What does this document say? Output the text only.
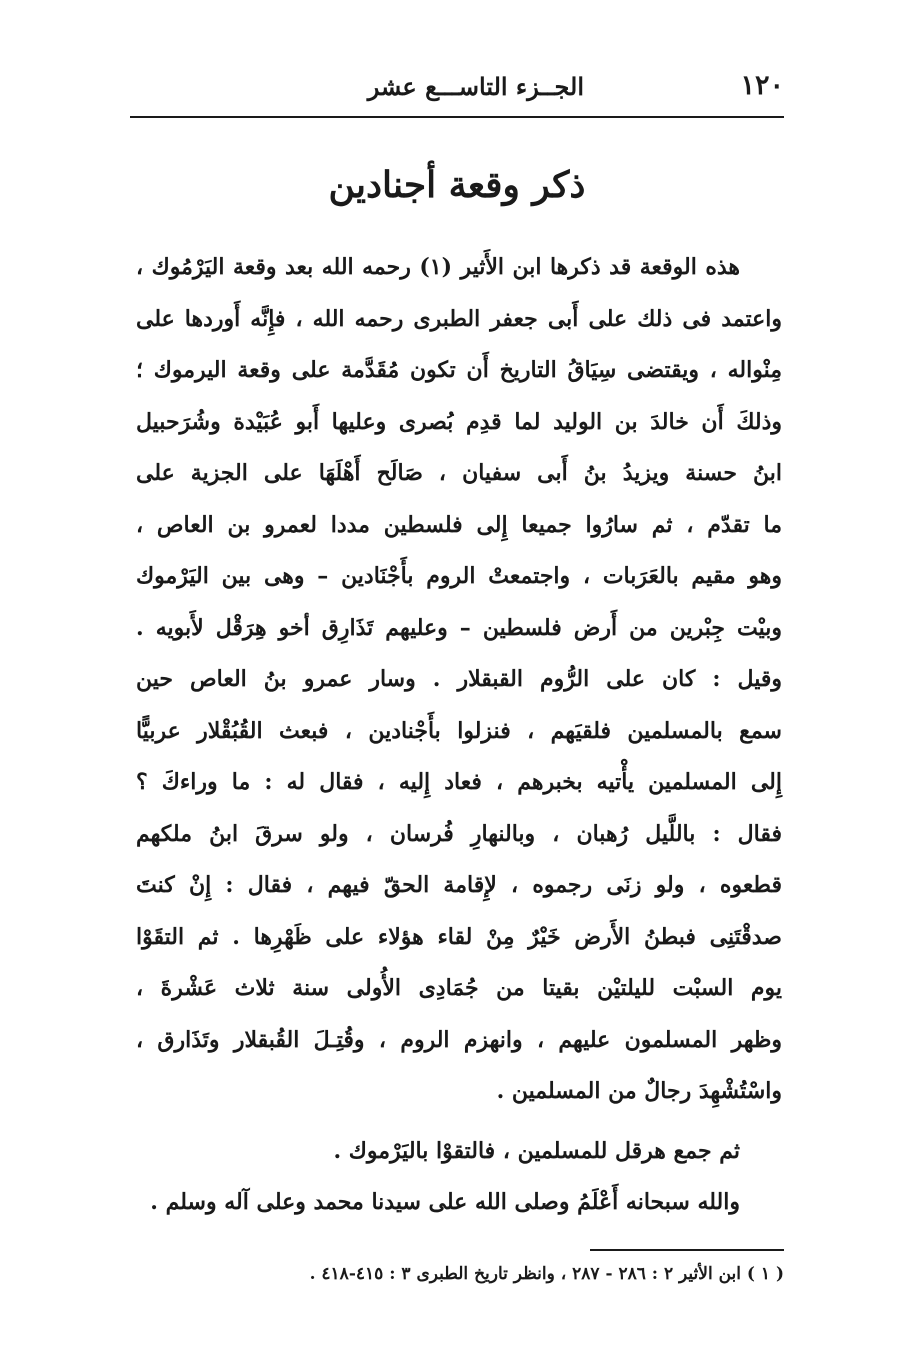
١٢٠
الجــزء التاســـع عشر
ذكر وقعة أجنادين
هذه الوقعة قد ذكرها ابن الأَثير (١) رحمه الله بعد وقعة اليَرْمُوك ،
واعتمد فى ذلك على أَبى جعفر الطبرى رحمه الله ، فإِنَّه أَوردها على
مِنْواله ، ويقتضى سِيَاقُ التاريخ أَن تكون مُقَدَّمة على وقعة اليرموك ؛
وذلكَ أَن خالدَ بن الوليد لما قدِم بُصرى وعليها أَبو عُبَيْدة وشُرَحبيل
ابنُ حسنة ويزيدُ بنُ أَبى سفيان ، صَالَح أَهْلَهَا على الجزية على
ما تقدّم ، ثم سارُوا جميعا إِلى فلسطين مددا لعمرو بن العاص ،
وهو مقيم بالعَرَبات ، واجتمعتْ الروم بأَجْنَادين – وهى بين اليَرْموك
وبيْت جِبْرين من أَرض فلسطين – وعليهم تَذَارِق أخو هِرَقْل لأَبويه .
وقيل : كان على الرُّوم القبقلار . وسار عمرو بنُ العاص حين
سمع بالمسلمين فلقيَهم ، فنزلوا بأَجْنادين ، فبعث القُبُقْلار عربيًّا
إِلى المسلمين يأْتيه بخبرهم ، فعاد إِليه ، فقال له : ما وراءكَ ؟
فقال : باللَّيل رُهبان ، وبالنهارِ فُرسان ، ولو سرقَ ابنُ ملكهم
قطعوه ، ولو زنَى رجموه ، لإِقامة الحقّ فيهم ، فقال : إِنْ كنتَ
صدقْتَنِى فبطنُ الأَرض خَيْرٌ مِنْ لقاء هؤلاء على ظَهْرِها . ثم التقَوْا
يوم السبْت لليلتيْن بقيتا من جُمَادِى الأُولى سنة ثلاث عَشْرةَ ،
وظهر المسلمون عليهم ، وانهزم الروم ، وقُتِـلَ القُبقلار وتَذَارق ،
واسْتُشْهِدَ رجالٌ من المسلمين .
ثم جمع هرقل للمسلمين ، فالتقوْا باليَرْموك .
والله سبحانه أَعْلَمُ وصلى الله على سيدنا محمد وعلى آله وسلم .
( ١ ) ابن الأثير ٢ : ٢٨٦ - ٢٨٧ ، وانظر تاريخ الطبرى ٣ : ٤١٥-٤١٨ .
